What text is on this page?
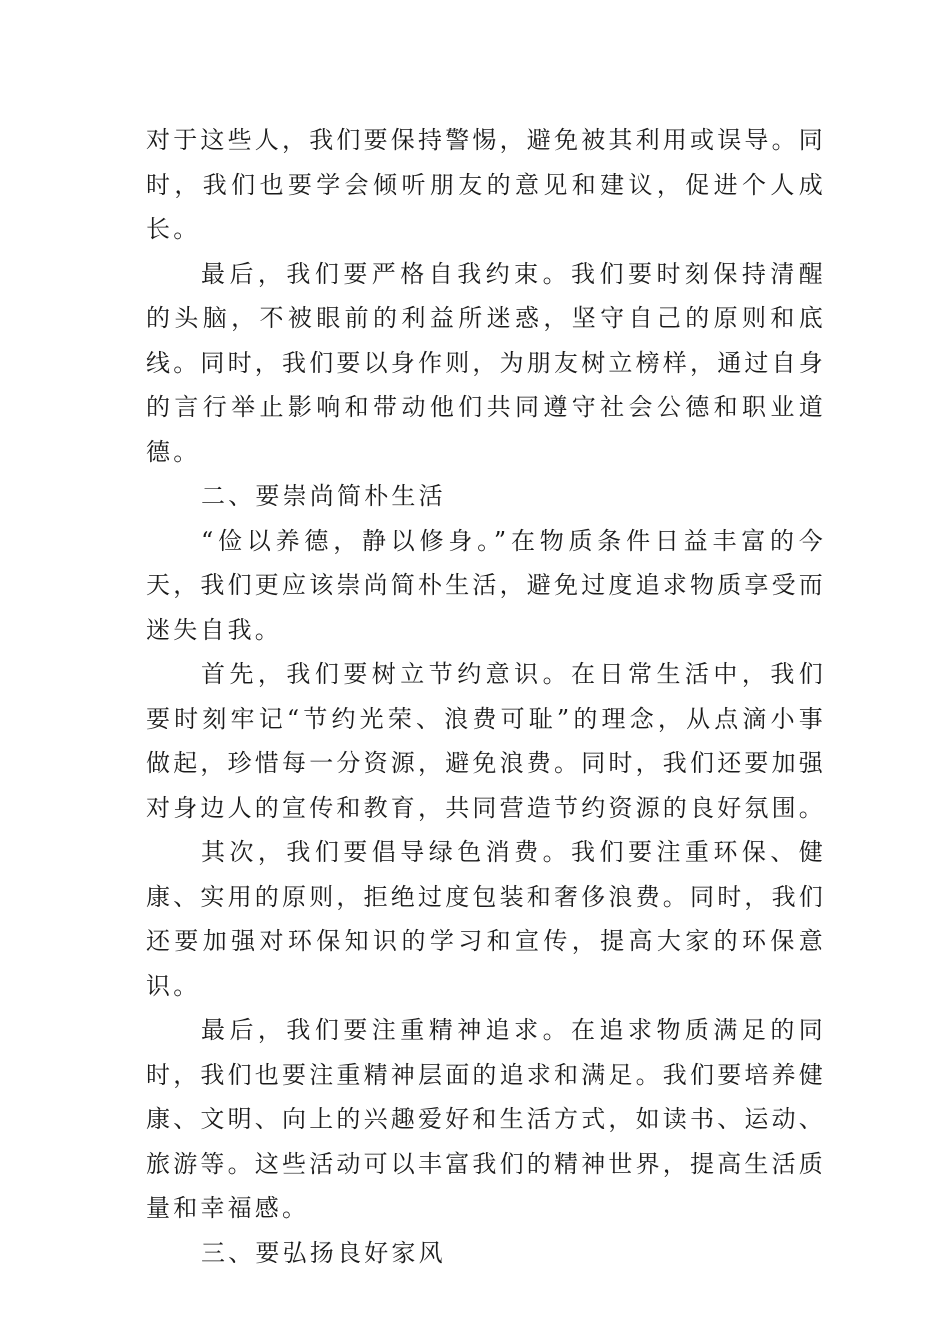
对于这些人，我们要保持警惕，避免被其利用或误导。同时，我们也要学会倾听朋友的意见和建议，促进个人成长。

最后，我们要严格自我约束。我们要时刻保持清醒的头脑，不被眼前的利益所迷惑，坚守自己的原则和底线。同时，我们要以身作则，为朋友树立榜样，通过自身的言行举止影响和带动他们共同遵守社会公德和职业道德。

二、要崇尚简朴生活

“俭以养德，静以修身。”在物质条件日益丰富的今天，我们更应该崇尚简朴生活，避免过度追求物质享受而迷失自我。

首先，我们要树立节约意识。在日常生活中，我们要时刻牢记“节约光荣、浪费可耻”的理念，从点滴小事做起，珍惜每一分资源，避免浪费。同时，我们还要加强对身边人的宣传和教育，共同营造节约资源的良好氛围。

其次，我们要倡导绿色消费。我们要注重环保、健康、实用的原则，拒绝过度包装和奢侈浪费。同时，我们还要加强对环保知识的学习和宣传，提高大家的环保意识。

最后，我们要注重精神追求。在追求物质满足的同时，我们也要注重精神层面的追求和满足。我们要培养健康、文明、向上的兴趣爱好和生活方式，如读书、运动、旅游等。这些活动可以丰富我们的精神世界，提高生活质量和幸福感。

三、要弘扬良好家风
